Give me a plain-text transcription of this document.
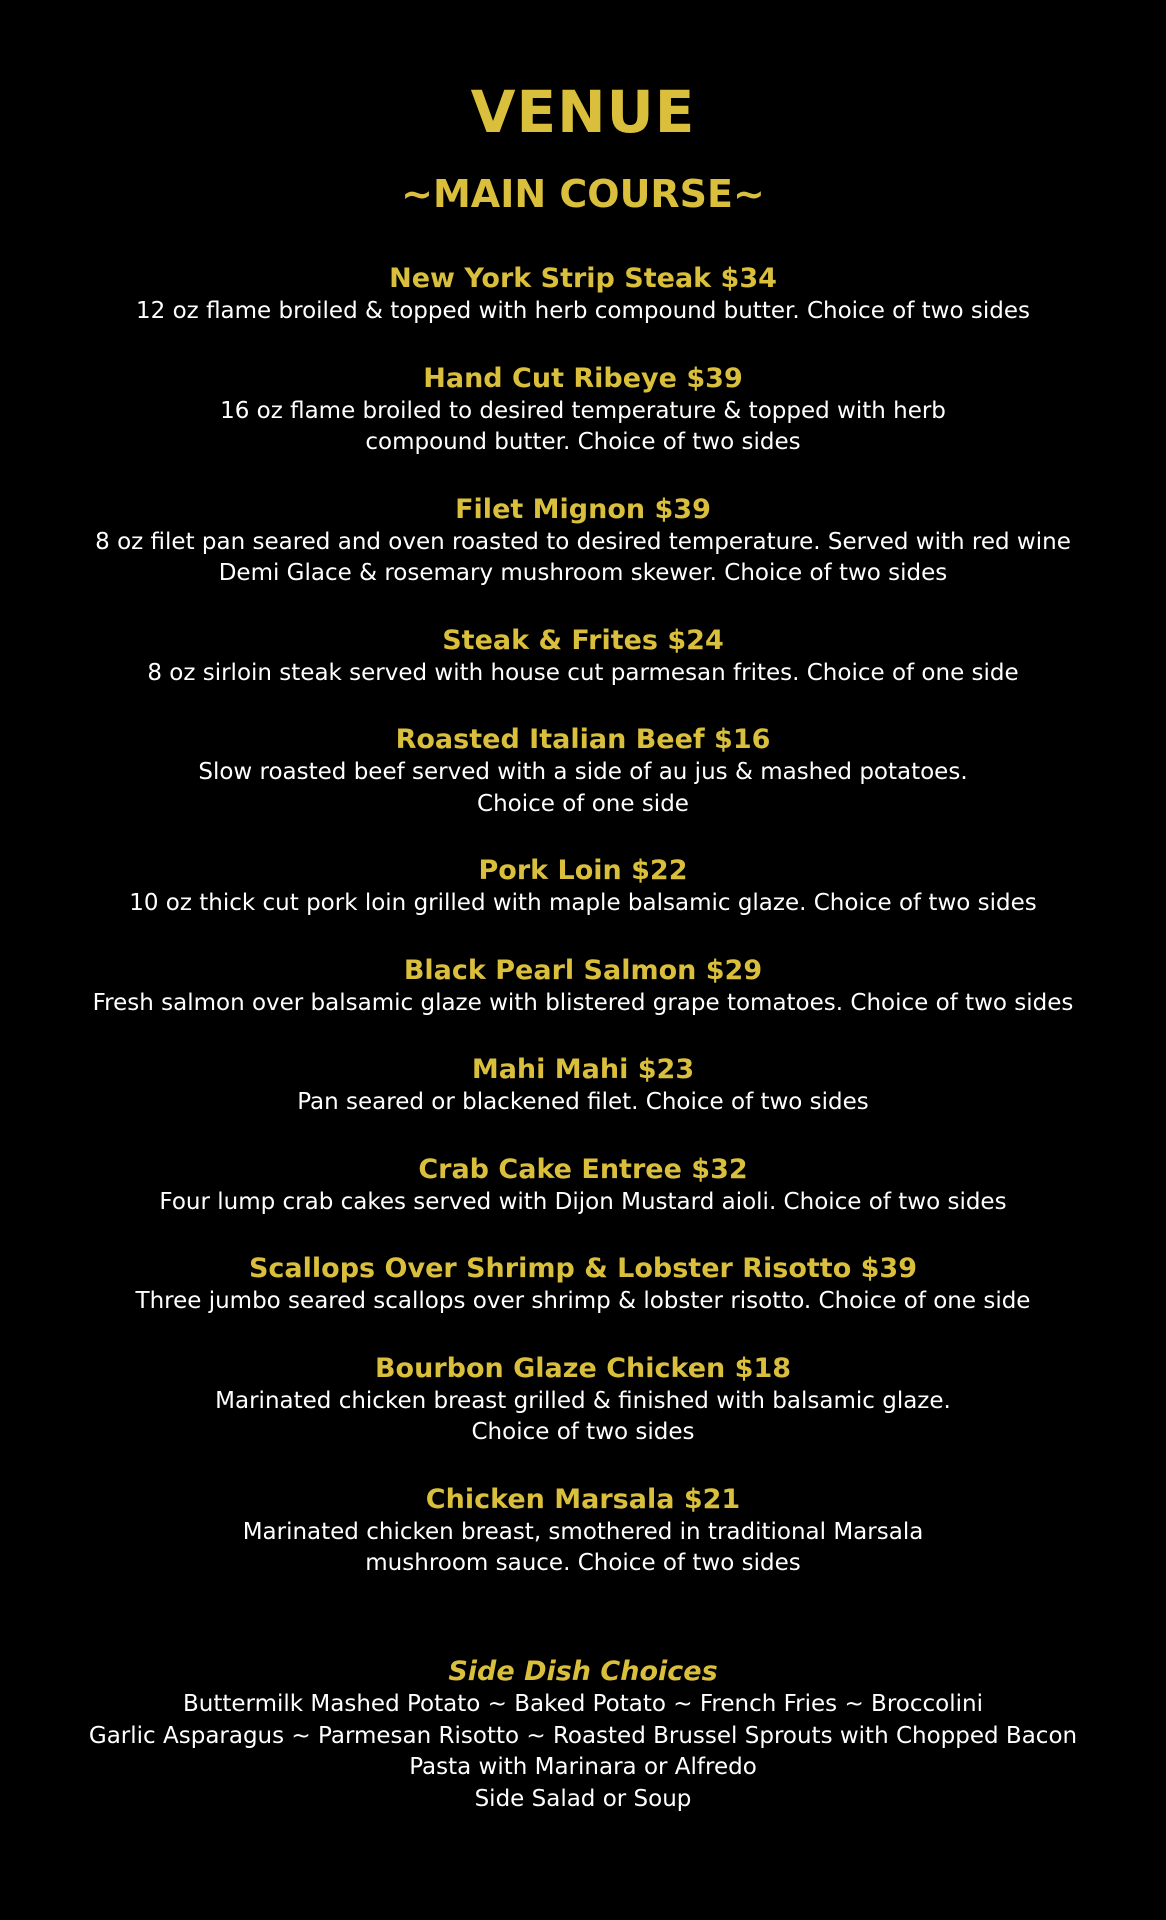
VENUE
~MAIN COURSE~

New York Strip Steak $34

12 oz flame broiled & topped with herb compound butter. Choice of two sides

Hand Cut Ribeye $39

16 oz flame broiled to desired temperature & topped with herb

compound butter. Choice of two sides

Filet Mignon $39

8 oz filet pan seared and oven roasted to desired temperature. Served with red wine

Demi Glace & rosemary mushroom skewer. Choice of two sides

Steak & Frites $24

8 oz sirloin steak served with house cut parmesan frites. Choice of one side

Roasted Italian Beef $16

Slow roasted beef served with a side of au jus & mashed potatoes.

Choice of one side

Pork Loin $22

10 oz thick cut pork loin grilled with maple balsamic glaze. Choice of two sides

Black Pearl Salmon $29

Fresh salmon over balsamic glaze with blistered grape tomatoes. Choice of two sides

Mahi Mahi $23

Pan seared or blackened filet. Choice of two sides

Crab Cake Entree $32

Four lump crab cakes served with Dijon Mustard aioli. Choice of two sides

Scallops Over Shrimp & Lobster Risotto $39

Three jumbo seared scallops over shrimp & lobster risotto. Choice of one side

Bourbon Glaze Chicken $18

Marinated chicken breast grilled & finished with balsamic glaze.

Choice of two sides

Chicken Marsala $21

Marinated chicken breast, smothered in traditional Marsala

mushroom sauce. Choice of two sides

Side Dish Choices

Buttermilk Mashed Potato ~ Baked Potato ~ French Fries ~ Broccolini

Garlic Asparagus ~ Parmesan Risotto ~ Roasted Brussel Sprouts with Chopped Bacon

Pasta with Marinara or Alfredo

Side Salad or Soup
